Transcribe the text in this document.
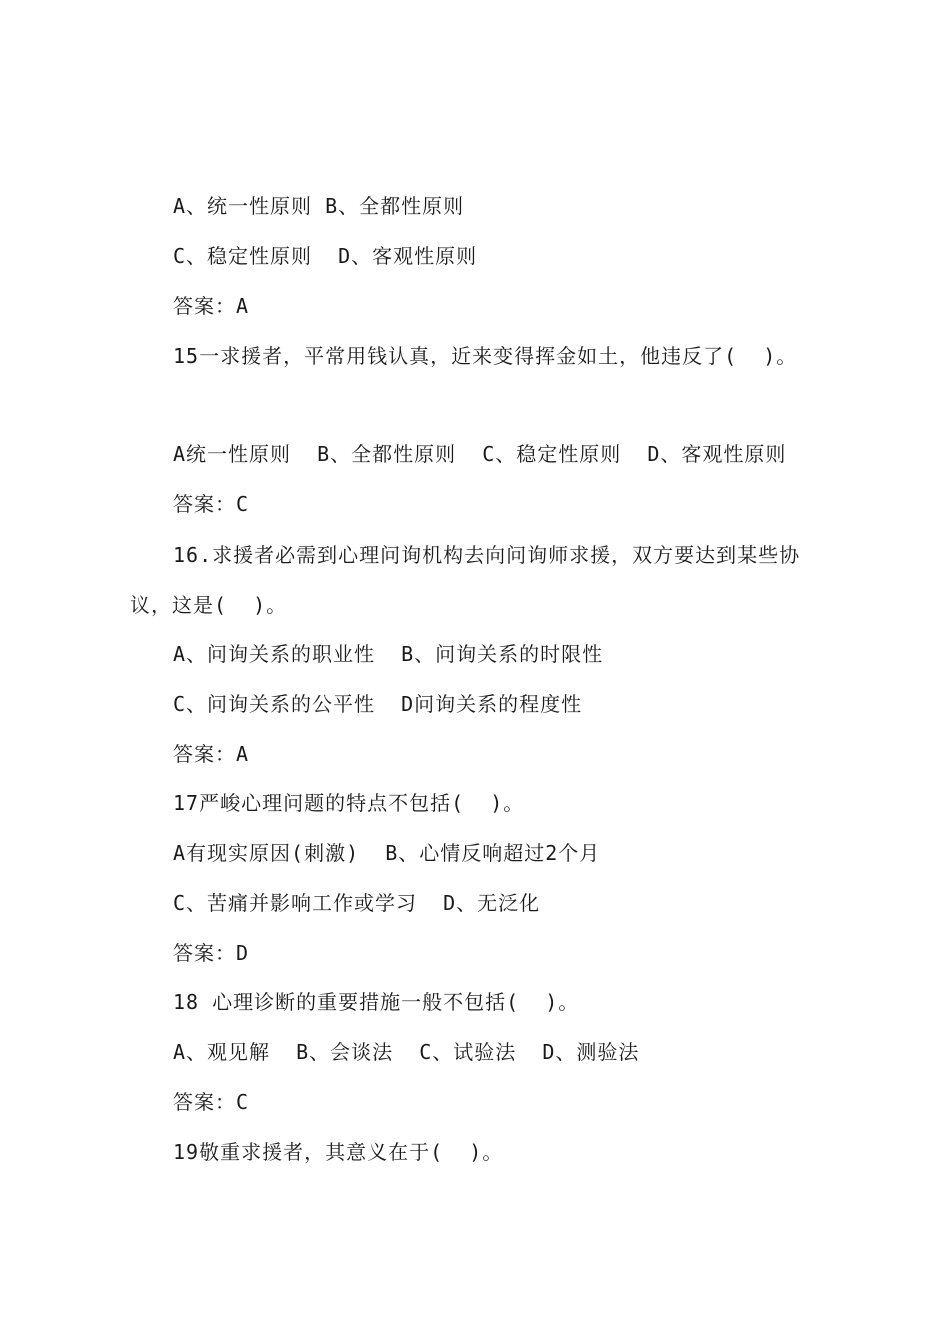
A、统一性原则 B、全都性原则
C、稳定性原则  D、客观性原则
答案：A
15一求援者，平常用钱认真，近来变得挥金如土，他违反了(  )。
A统一性原则  B、全都性原则  C、稳定性原则  D、客观性原则
答案：C
16.求援者必需到心理问询机构去向问询师求援，双方要达到某些协
议，这是(  )。
A、问询关系的职业性  B、问询关系的时限性
C、问询关系的公平性  D问询关系的程度性
答案：A
17严峻心理问题的特点不包括(  )。
A有现实原因(刺激)  B、心情反响超过2个月
C、苦痛并影响工作或学习  D、无泛化
答案：D
18 心理诊断的重要措施一般不包括(  )。
A、观见解  B、会谈法  C、试验法  D、测验法
答案：C
19敬重求援者，其意义在于(  )。
